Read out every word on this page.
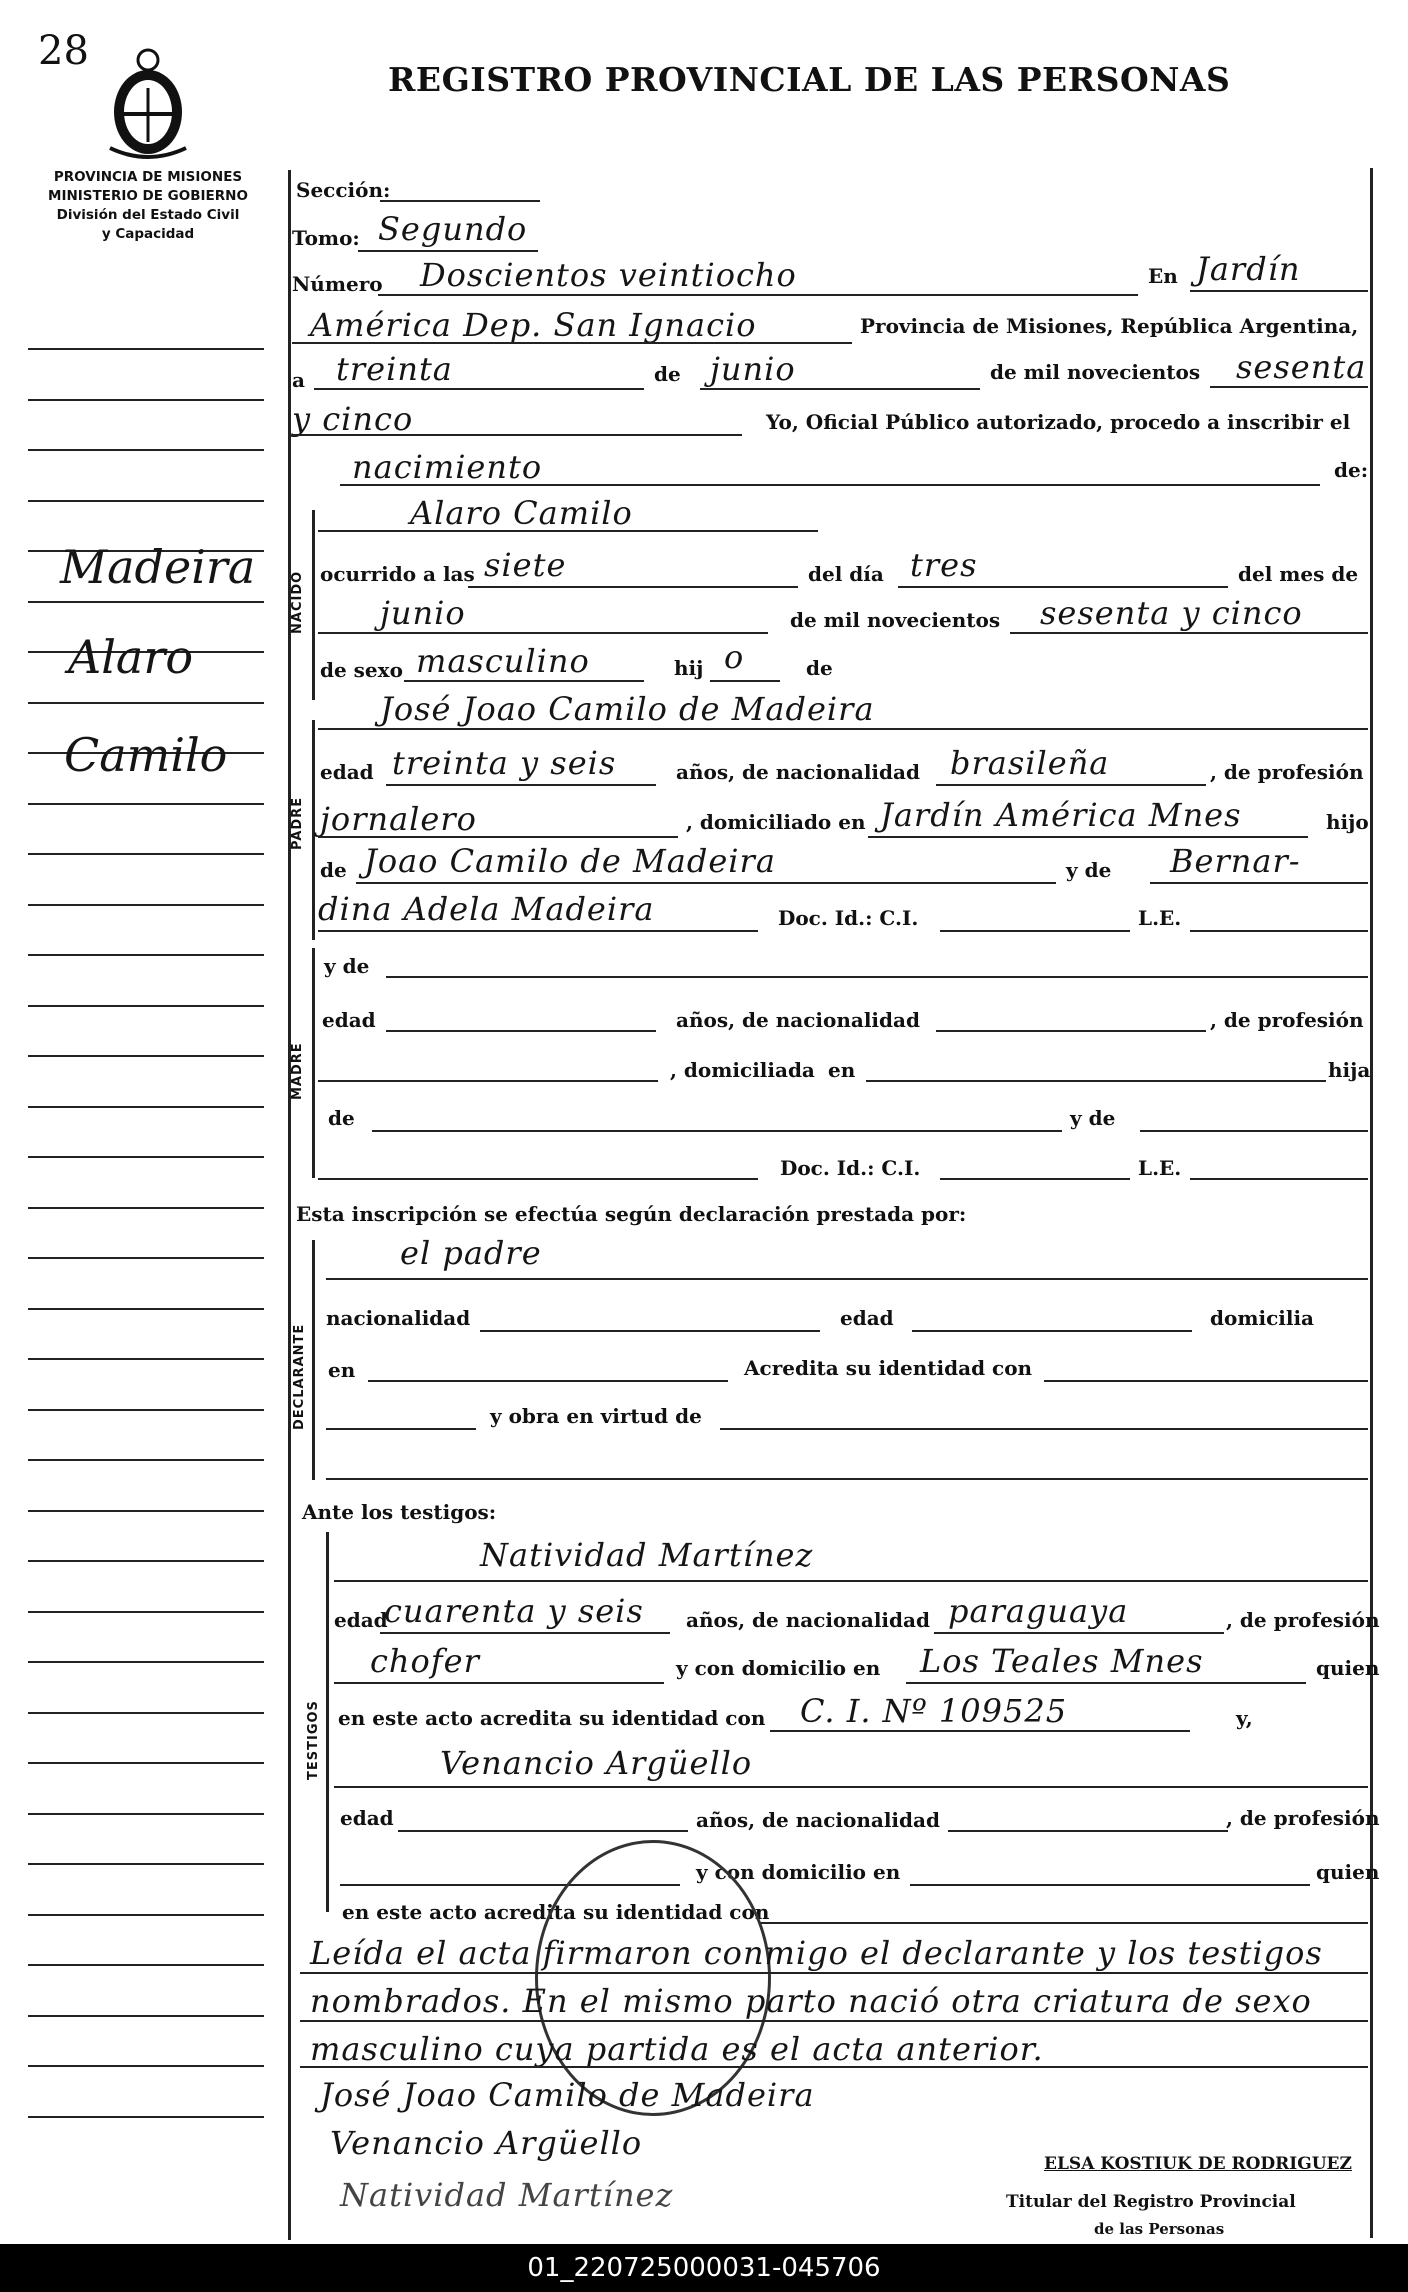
28
REGISTRO PROVINCIAL DE LAS PERSONAS
PROVINCIA DE MISIONES
MINISTERIO DE GOBIERNO
División del Estado Civil
y Capacidad
Madeira
Alaro
Camilo
Sección:
Tomo: Segundo
Número Doscientos veintiocho	En Jardín
América Dep. San Ignacio	Provincia de Misiones, República Argentina,
a treinta	de junio	de mil novecientos sesenta
y cinco	Yo, Oficial Público autorizado, procedo a inscribir el
nacimiento	de:
NACIDO
Alaro Camilo
ocurrido a las siete	del día tres	del mes de
junio	de mil novecientos sesenta y cinco
de sexo masculino	hij o	de
PADRE
José Joao Camilo de Madeira
edad treinta y seis	años, de nacionalidad brasileña	, de profesión
jornalero	, domiciliado en Jardín América Mnes	hijo
de Joao Camilo de Madeira	y de Bernar-
dina Adela Madeira	Doc. Id.: C.I.	L.E.
MADRE
y de
edad	años, de nacionalidad	, de profesión
, domiciliada en	hija
de	y de
Doc. Id.: C.I.	L.E.
Esta inscripción se efectúa según declaración prestada por:
DECLARANTE
el padre
nacionalidad	edad	domicilia
en	Acredita su identidad con
y obra en virtud de
Ante los testigos:
TESTIGOS
Natividad Martínez
edad
cuarenta y seis años, de nacionalidad paraguaya	, de profesión
chofer	y con domicilio en Los Teales Mnes	quien
en este acto acredita su identidad con C. I. Nº 109525	y,
Venancio Argüello
edad	años, de nacionalidad	, de profesión
y con domicilio en	quien
en este acto acredita su identidad con
Leída el acta firmaron conmigo el declarante y los testigos
nombrados. En el mismo parto nació otra criatura de sexo
masculino cuya partida es el acta anterior.
José Joao Camilo de Madeira
Venancio Argüello
Natividad Martínez
ELSA KOSTIUK DE RODRIGUEZ
Titular del Registro Provincial
de las Personas
01_220725000031-045706
